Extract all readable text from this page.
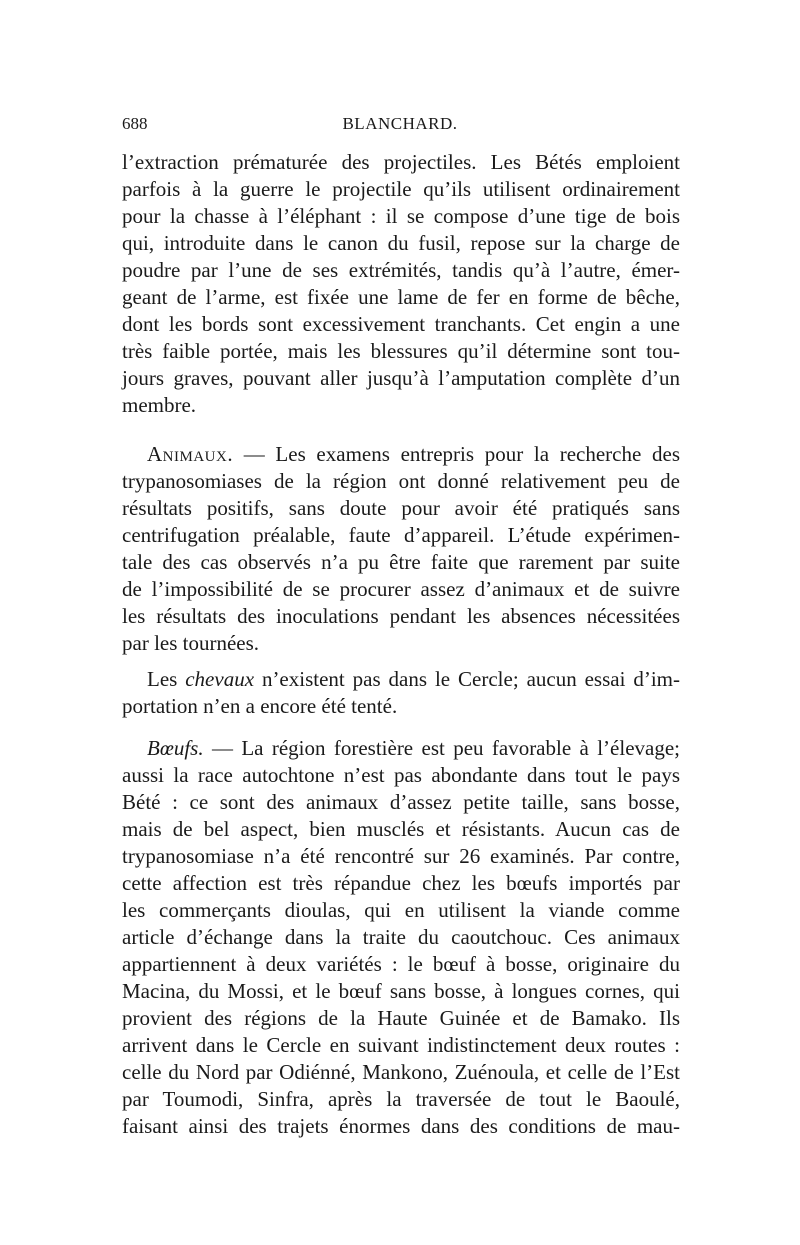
688	BLANCHARD.
l’extraction prématurée des projectiles. Les Bétés emploient
parfois à la guerre le projectile qu’ils utilisent ordinairement
pour la chasse à l’éléphant : il se compose d’une tige de bois
qui, introduite dans le canon du fusil, repose sur la charge de
poudre par l’une de ses extrémités, tandis qu’à l’autre, émer-
geant de l’arme, est fixée une lame de fer en forme de bêche,
dont les bords sont excessivement tranchants. Cet engin a une
très faible portée, mais les blessures qu’il détermine sont tou-
jours graves, pouvant aller jusqu’à l’amputation complète d’un
membre.
Animaux. — Les examens entrepris pour la recherche des
trypanosomiases de la région ont donné relativement peu de
résultats positifs, sans doute pour avoir été pratiqués sans
centrifugation préalable, faute d’appareil. L’étude expérimen-
tale des cas observés n’a pu être faite que rarement par suite
de l’impossibilité de se procurer assez d’animaux et de suivre
les résultats des inoculations pendant les absences nécessitées
par les tournées.
Les chevaux n’existent pas dans le Cercle; aucun essai d’im-
portation n’en a encore été tenté.
Bœufs. — La région forestière est peu favorable à l’élevage;
aussi la race autochtone n’est pas abondante dans tout le pays
Bété : ce sont des animaux d’assez petite taille, sans bosse,
mais de bel aspect, bien musclés et résistants. Aucun cas de
trypanosomiase n’a été rencontré sur 26 examinés. Par contre,
cette affection est très répandue chez les bœufs importés par
les commerçants dioulas, qui en utilisent la viande comme
article d’échange dans la traite du caoutchouc. Ces animaux
appartiennent à deux variétés : le bœuf à bosse, originaire du
Macina, du Mossi, et le bœuf sans bosse, à longues cornes, qui
provient des régions de la Haute Guinée et de Bamako. Ils
arrivent dans le Cercle en suivant indistinctement deux routes :
celle du Nord par Odiénné, Mankono, Zuénoula, et celle de l’Est
par Toumodi, Sinfra, après la traversée de tout le Baoulé,
faisant ainsi des trajets énormes dans des conditions de mau-
